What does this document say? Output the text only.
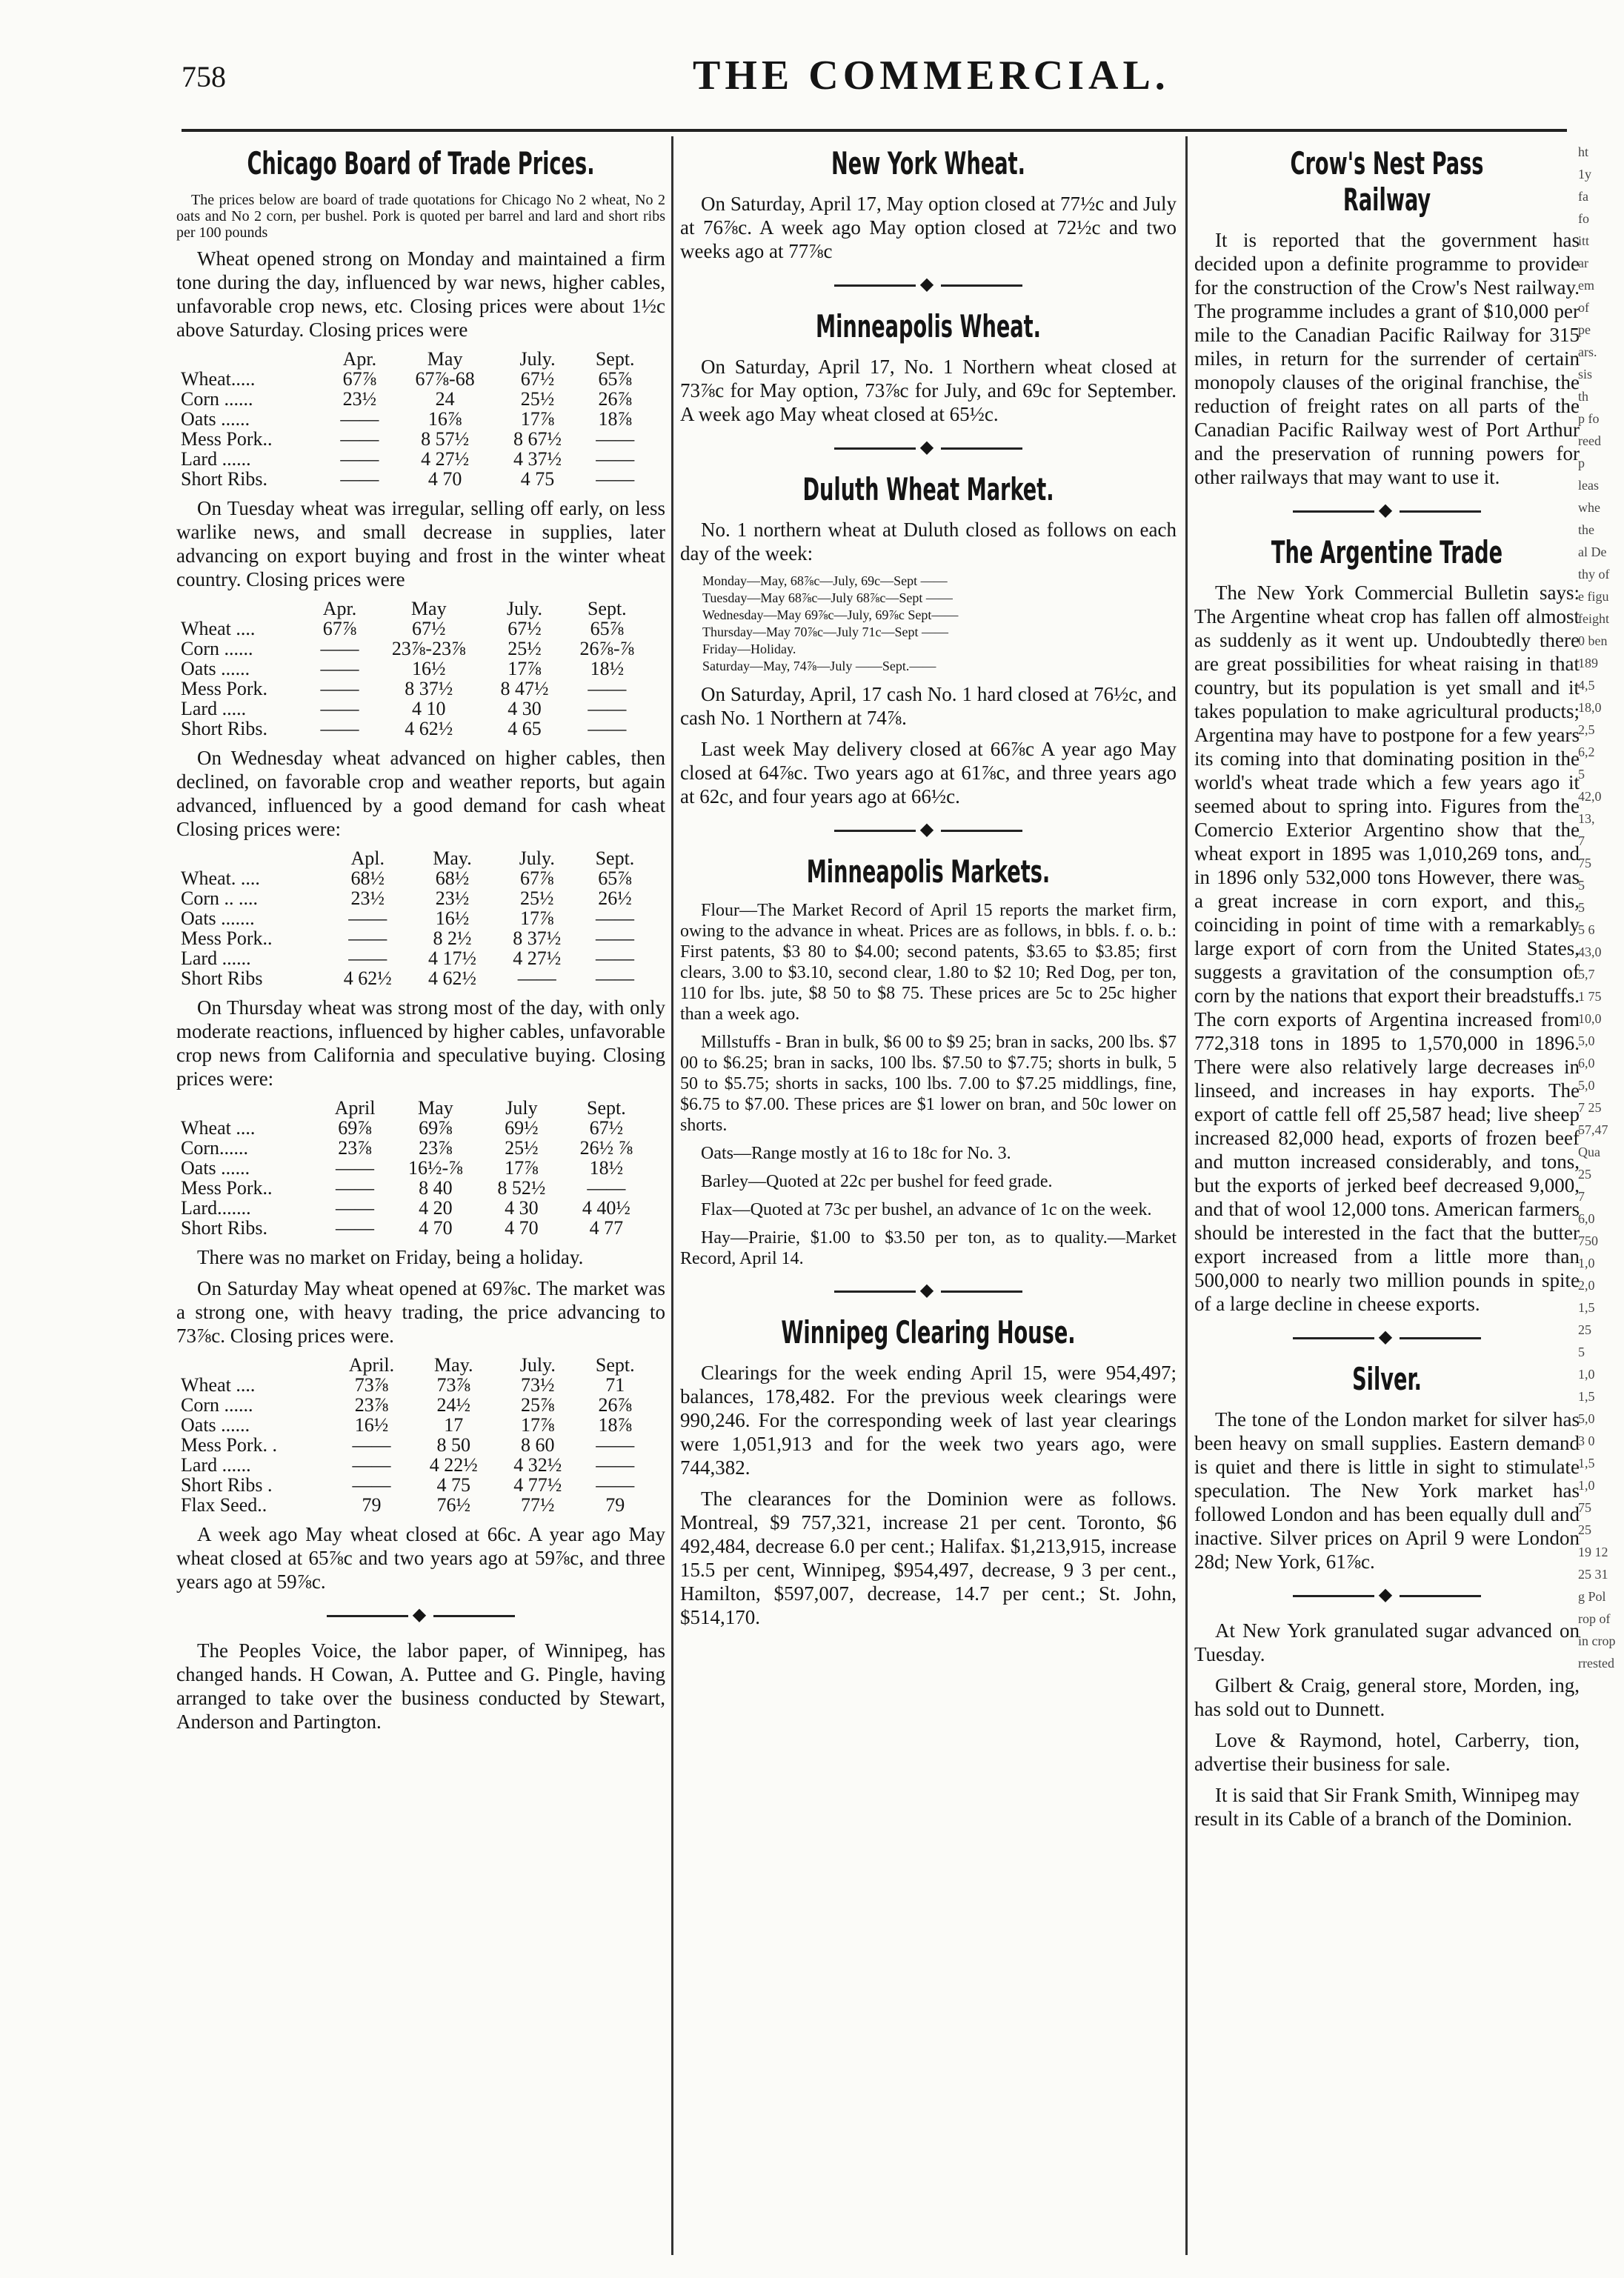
758	THE COMMERCIAL.
Chicago Board of Trade Prices.

The prices below are board of trade quotations for Chicago No 2 wheat, No 2 oats and No 2 corn, per bushel. Pork is quoted per barrel and lard and short ribs per 100 pounds

Wheat opened strong on Monday and maintained a firm tone during the day, influenced by war news, higher cables, unfavorable crop news, etc. Closing prices were about 1½c above Saturday. Closing prices were

	Apr.	May	July.	Sept.
Wheat.....	67⅞	67⅞-68	67½	65⅞
Corn ......	23½	24	25½	26⅞
Oats ......	——	16⅞	17⅞	18⅞
Mess Pork..	——	8 57½	8 67½	——
Lard ......	——	4 27½	4 37½	——
Short Ribs.	——	4 70	4 75	——

On Tuesday wheat was irregular, selling off early, on less warlike news, and small decrease in supplies, later advancing on export buying and frost in the winter wheat country. Closing prices were

	Apr.	May	July.	Sept.
Wheat ....	67⅞	67½	67½	65⅞
Corn ......	——	23⅞-23⅞	25½	26⅞-⅞
Oats ......	——	16½	17⅞	18½
Mess Pork.	——	8 37½	8 47½	——
Lard .....	——	4 10	4 30	——
Short Ribs.	——	4 62½	4 65	——

On Wednesday wheat advanced on higher cables, then declined, on favorable crop and weather reports, but again advanced, influenced by a good demand for cash wheat Closing prices were:

	Apl.	May.	July.	Sept.
Wheat. ....	68½	68½	67⅞	65⅞
Corn .. ....	23½	23½	25½	26½
Oats .......	——	16½	17⅞	——
Mess Pork..	——	8 2½	8 37½	——
Lard ......	——	4 17½	4 27½	——
Short Ribs	4 62½	4 62½	——	——

On Thursday wheat was strong most of the day, with only moderate reactions, influenced by higher cables, unfavorable crop news from California and speculative buying. Closing prices were:

	April	May	July	Sept.
Wheat ....	69⅞	69⅞	69½	67½
Corn......	23⅞	23⅞	25½	26½ ⅞
Oats ......	——	16½-⅞	17⅞	18½
Mess Pork..	——	8 40	8 52½	——
Lard.......	——	4 20	4 30	4 40½
Short Ribs.	——	4 70	4 70	4 77

There was no market on Friday, being a holiday.

On Saturday May wheat opened at 69⅞c. The market was a strong one, with heavy trading, the price advancing to 73⅞c. Closing prices were.

	April.	May.	July.	Sept.
Wheat ....	73⅞	73⅞	73½	71
Corn ......	23⅞	24½	25⅞	26⅞
Oats ......	16½	17	17⅞	18⅞
Mess Pork. .	——	8 50	8 60	——
Lard ......	——	4 22½	4 32½	——
Short Ribs .	——	4 75	4 77½	——
Flax Seed..	79	76½	77½	79

A week ago May wheat closed at 66c. A year ago May wheat closed at 65⅞c and two years ago at 59⅞c, and three years ago at 59⅞c.

◆

The Peoples Voice, the labor paper, of Winnipeg, has changed hands. H Cowan, A. Puttee and G. Pingle, having arranged to take over the business conducted by Stewart, Anderson and Partington.

New York Wheat.

On Saturday, April 17, May option closed at 77½c and July at 76⅞c. A week ago May option closed at 72½c and two weeks ago at 77⅞c

◆
Minneapolis Wheat.

On Saturday, April 17, No. 1 Northern wheat closed at 73⅞c for May option, 73⅞c for July, and 69c for September. A week ago May wheat closed at 65½c.

◆
Duluth Wheat Market.

No. 1 northern wheat at Duluth closed as follows on each day of the week:

Monday—May, 68⅞c—July, 69c—Sept ——
Tuesday—May 68⅞c—July 68⅞c—Sept ——
Wednesday—May 69⅞c—July, 69⅞c Sept——
Thursday—May 70⅞c—July 71c—Sept ——
Friday—Holiday.
Saturday—May, 74⅞—July ——Sept.——

On Saturday, April, 17 cash No. 1 hard closed at 76½c, and cash No. 1 Northern at 74⅞.

Last week May delivery closed at 66⅞c A year ago May closed at 64⅞c. Two years ago at 61⅞c, and three years ago at 62c, and four years ago at 66½c.

◆
Minneapolis Markets.

Flour—The Market Record of April 15 reports the market firm, owing to the advance in wheat. Prices are as follows, in bbls. f. o. b.: First patents, $3 80 to $4.00; second patents, $3.65 to $3.85; first clears, 3.00 to $3.10, second clear, 1.80 to $2 10; Red Dog, per ton, 110 for lbs. jute, $8 50 to $8 75. These prices are 5c to 25c higher than a week ago.

Millstuffs - Bran in bulk, $6 00 to $9 25; bran in sacks, 200 lbs. $7 00 to $6.25; bran in sacks, 100 lbs. $7.50 to $7.75; shorts in bulk, 5 50 to $5.75; shorts in sacks, 100 lbs. 7.00 to $7.25 middlings, fine, $6.75 to $7.00. These prices are $1 lower on bran, and 50c lower on shorts.

Oats—Range mostly at 16 to 18c for No. 3.

Barley—Quoted at 22c per bushel for feed grade.

Flax—Quoted at 73c per bushel, an advance of 1c on the week.

Hay—Prairie, $1.00 to $3.50 per ton, as to quality.—Market Record, April 14.

◆
Winnipeg Clearing House.

Clearings for the week ending April 15, were 954,497; balances, 178,482. For the previous week clearings were 990,246. For the corresponding week of last year clearings were 1,051,913 and for the week two years ago, were 744,382.

The clearances for the Dominion were as follows. Montreal, $9 757,321, increase 21 per cent. Toronto, $6 492,484, decrease 6.0 per cent.; Halifax. $1,213,915, increase 15.5 per cent, Winnipeg, $954,497, decrease, 9 3 per cent., Hamilton, $597,007, decrease, 14.7 per cent.; St. John, $514,170.

Crow's Nest Pass Railway

It is reported that the government has decided upon a definite programme to provide for the construction of the Crow's Nest railway. The programme includes a grant of $10,000 per mile to the Canadian Pacific Railway for 315 miles, in return for the surrender of certain monopoly clauses of the original franchise, the reduction of freight rates on all parts of the Canadian Pacific Railway west of Port Arthur and the preservation of running powers for other railways that may want to use it.

◆
The Argentine Trade

The New York Commercial Bulletin says: The Argentine wheat crop has fallen off almost as suddenly as it went up. Undoubtedly there are great possibilities for wheat raising in that country, but its population is yet small and it takes population to make agricultural products; Argentina may have to postpone for a few years its coming into that dominating position in the world's wheat trade which a few years ago it seemed about to spring into. Figures from the Comercio Exterior Argentino show that the wheat export in 1895 was 1,010,269 tons, and in 1896 only 532,000 tons However, there was a great increase in corn export, and this, coinciding in point of time with a remarkably large export of corn from the United States, suggests a gravitation of the consumption of corn by the nations that export their breadstuffs. The corn exports of Argentina increased from 772,318 tons in 1895 to 1,570,000 in 1896. There were also relatively large decreases in linseed, and increases in hay exports. The export of cattle fell off 25,587 head; live sheep increased 82,000 head, exports of frozen beef and mutton increased considerably, and tons, but the exports of jerked beef decreased 9,000, and that of wool 12,000 tons. American farmers should be interested in the fact that the butter export increased from a little more than 500,000 to nearly two million pounds in spite of a large decline in cheese exports.

◆
Silver.

The tone of the London market for silver has been heavy on small supplies. Eastern demand is quiet and there is little in sight to stimulate speculation. The New York market has followed London and has been equally dull and inactive. Silver prices on April 9 were London 28d; New York, 61⅞c.

◆

At New York granulated sugar advanced on Tuesday.

Gilbert & Craig, general store, Morden, ing, has sold out to Dunnett.

Love & Raymond, hotel, Carberry, tion, advertise their business for sale.

It is said that Sir Frank Smith, Winnipeg may result in its Cable of a branch of the Dominion.

ht
1y
fa
fo
itt
ar
em
of
pe
ars.
sis
th
p fo
reed
p
leas
whe
the
al De
thy of
e figu
feight
0 ben
189
4,5
18,0
2,5
6,2
5
42,0
13,
7
75
5
5
5 6
43,0
5,7
1 75
10,0
5,0
6,0
5,0
7 25
57,47
Qua
25
7
6,0
750
1,0
2,0
1,5
25
5
1,0
1,5
5,0
3 0
1,5
1,0
75
25
19 12
25 31
g Pol
rop of
in crop
rrested
